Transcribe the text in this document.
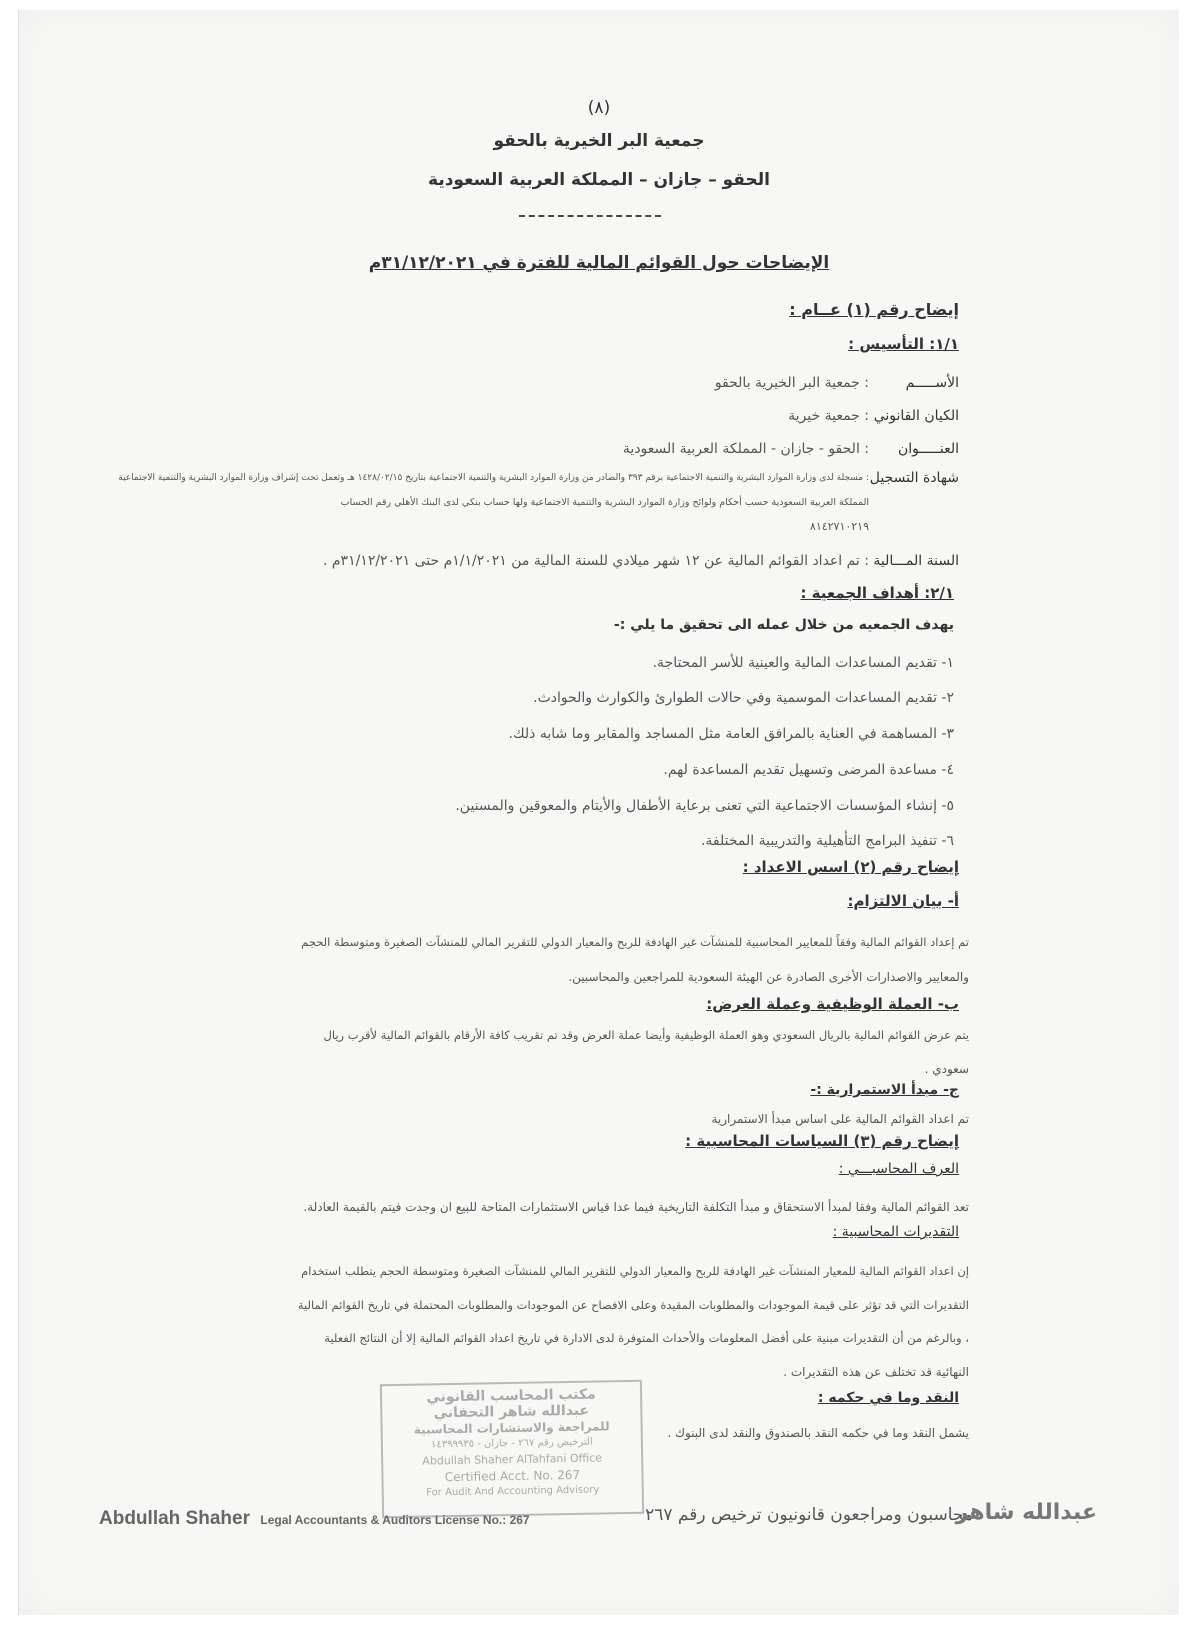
(٨)
جمعية البر الخيرية بالحقو
الحقو – جازان – المملكة العربية السعودية
الإيضاحات حول القوائم المالية للفترة في ٣١/١٢/٢٠٢١م
إيضاح رقم (١) عــام :
١/١: التأسيس :
الأســـــم
: جمعية البر الخيرية بالحقو
الكيان القانوني
: جمعية خيرية
العنـــــوان
: الحقو - جازان - المملكة العربية السعودية
شهادة التسجيل
: مسجلة لدى وزارة الموارد البشرية والتنمية الاجتماعية برقم ٣٩٣ والصادر من وزارة الموارد البشرية والتنمية الاجتماعية بتاريخ ١٤٢٨/٠٢/١٥ هـ وتعمل تحت إشراف وزارة الموارد البشرية والتنمية الاجتماعية
المملكة العربية السعودية حسب أحكام ولوائح وزارة الموارد البشرية والتنمية الاجتماعية ولها حساب بنكي لدى البنك الأهلي رقم الحساب
٨١٤٢٧١٠٢١٩
السنة المـــالية
: تم اعداد القوائم المالية عن ١٢ شهر ميلادي للسنة المالية من ١/١/٢٠٢١م حتى ٣١/١٢/٢٠٢١م .
٢/١: أهداف الجمعية :
يهدف الجمعيه من خلال عمله الى تحقيق ما يلي :-
١- تقديم المساعدات المالية والعينية للأسر المحتاجة.
٢- تقديم المساعدات الموسمية وفي حالات الطوارئ والكوارث والحوادث.
٣- المساهمة في العناية بالمرافق العامة مثل المساجد والمقابر وما شابه ذلك.
٤- مساعدة المرضى وتسهيل تقديم المساعدة لهم.
٥- إنشاء المؤسسات الاجتماعية التي تعنى برعاية الأطفال والأيتام والمعوقين والمسنين.
٦- تنفيذ البرامج التأهيلية والتدريبية المختلفة.
إيضاح رقم (٢) اسس الاعداد :
أ- بيان الالتزام:
تم إعداد القوائم المالية وفقاً للمعايير المحاسبية للمنشآت غير الهادفة للربح والمعيار الدولي للتقرير المالي للمنشآت الصغيرة ومتوسطة الحجم
والمعايير والاصدارات الأخرى الصادرة عن الهيئة السعودية للمراجعين والمحاسبين.
ب- العملة الوظيفية وعملة العرض:
يتم عرض القوائم المالية بالريال السعودي وهو العملة الوظيفية وأيضا عملة العرض وقد تم تقريب كافة الأرقام بالقوائم المالية لأقرب ريال
سعودي .
ج- مبدأ الاستمرارية :-
تم اعداد القوائم المالية على اساس مبدأ الاستمرارية
إيضاح رقم (٣) السياسات المحاسبية :
العرف المحاسبـــي :
تعد القوائم المالية وفقا لمبدأ الاستحقاق و مبدأ التكلفة التاريخية فيما عدا قياس الاستثمارات المتاحة للبيع ان وجدت فيتم بالقيمة العادلة.
التقديرات المحاسبية :
إن اعداد القوائم المالية للمعيار المنشآت غير الهادفة للربح والمعيار الدولي للتقرير المالي للمنشآت الصغيرة ومتوسطة الحجم يتطلب استخدام
التقديرات التي قد تؤثر على قيمة الموجودات والمطلوبات المقيدة وعلى الافصاح عن الموجودات والمطلوبات المحتملة في تاريخ القوائم المالية
، وبالرغم من أن التقديرات مبنية على أفضل المعلومات والأحداث المتوفرة لدى الادارة في تاريخ اعداد القوائم المالية إلا أن النتائج الفعلية
النهائية قد تختلف عن هذه التقديرات .
النقد وما في حكمه :
يشمل النقد وما في حكمه النقد بالصندوق والنقد لدى البنوك .
مكتب المحاسب القانوني
عبدالله شاهر التحفاني
للمراجعة والاستشارات المحاسبية
الترخيص رقم ٢٦٧ - جازان - ١٤٣٩٩٩٣٥
Abdullah Shaher AlTahfani Office
Certified Acct. No. 267
For Audit And Accounting Advisory
Abdullah Shaher Legal Accountants & Auditors License No.: 267	محاسبون ومراجعون قانونيون ترخيص رقم ٢٦٧
عبدالله شاهر
